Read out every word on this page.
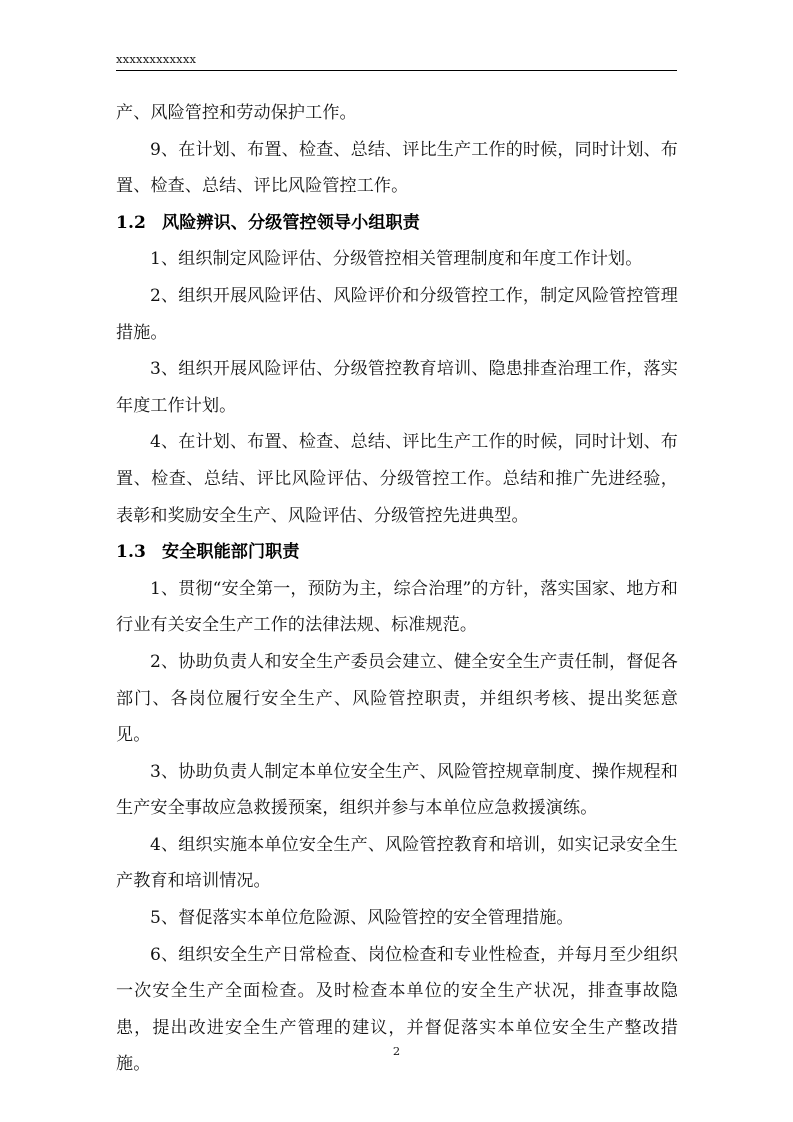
xxxxxxxxxxxx

产、风险管控和劳动保护工作。

9、在计划、布置、检查、总结、评比生产工作的时候，同时计划、布置、检查、总结、评比风险管控工作。

1.2 风险辨识、分级管控领导小组职责

1、组织制定风险评估、分级管控相关管理制度和年度工作计划。

2、组织开展风险评估、风险评价和分级管控工作，制定风险管控管理措施。

3、组织开展风险评估、分级管控教育培训、隐患排查治理工作，落实年度工作计划。

4、在计划、布置、检查、总结、评比生产工作的时候，同时计划、布置、检查、总结、评比风险评估、分级管控工作。总结和推广先进经验，表彰和奖励安全生产、风险评估、分级管控先进典型。

1.3 安全职能部门职责

1、贯彻“安全第一，预防为主，综合治理”的方针，落实国家、地方和行业有关安全生产工作的法律法规、标准规范。

2、协助负责人和安全生产委员会建立、健全安全生产责任制，督促各部门、各岗位履行安全生产、风险管控职责，并组织考核、提出奖惩意见。

3、协助负责人制定本单位安全生产、风险管控规章制度、操作规程和生产安全事故应急救援预案，组织并参与本单位应急救援演练。

4、组织实施本单位安全生产、风险管控教育和培训，如实记录安全生产教育和培训情况。

5、督促落实本单位危险源、风险管控的安全管理措施。

6、组织安全生产日常检查、岗位检查和专业性检查，并每月至少组织一次安全生产全面检查。及时检查本单位的安全生产状况，排查事故隐患，提出改进安全生产管理的建议，并督促落实本单位安全生产整改措施。

2
